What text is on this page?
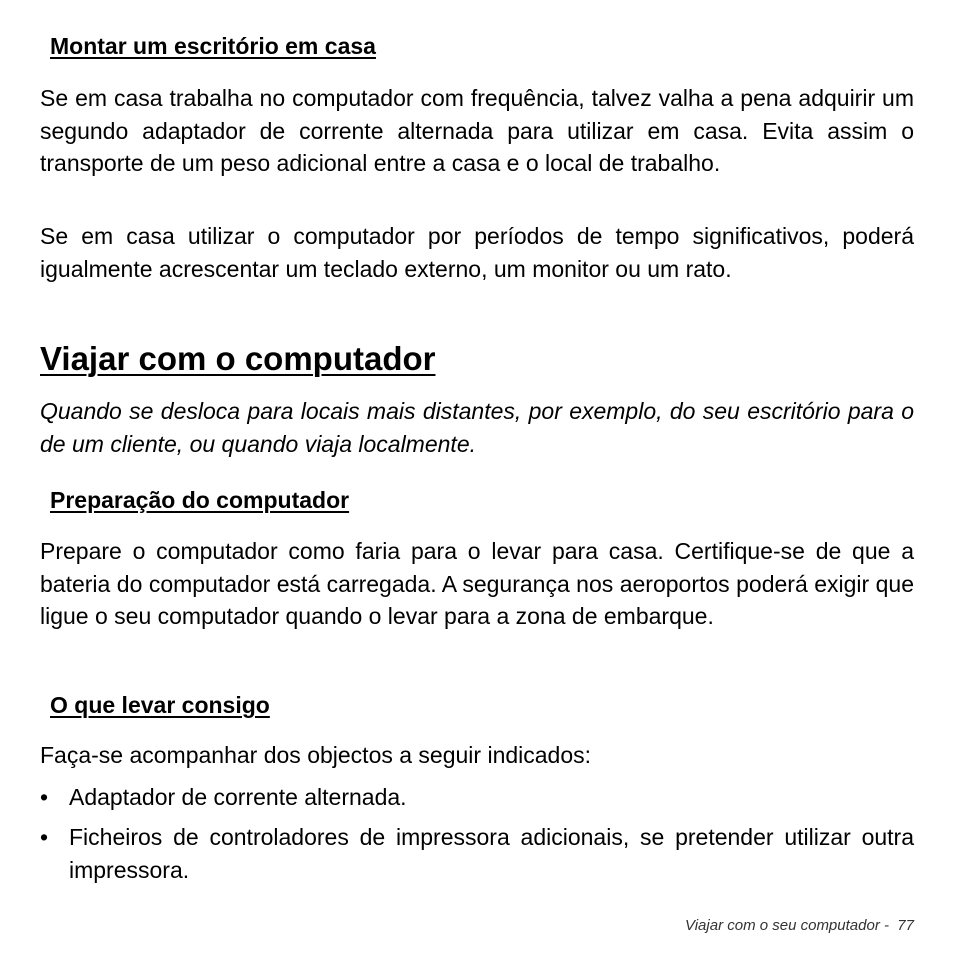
Montar um escritório em casa

Se em casa trabalha no computador com frequência, talvez valha a pena adquirir um segundo adaptador de corrente alternada para utilizar em casa. Evita assim o transporte de um peso adicional entre a casa e o local de trabalho.

Se em casa utilizar o computador por períodos de tempo significativos, poderá igualmente acrescentar um teclado externo, um monitor ou um rato.

Viajar com o computador

Quando se desloca para locais mais distantes, por exemplo, do seu escritório para o de um cliente, ou quando viaja localmente.

Preparação do computador

Prepare o computador como faria para o levar para casa. Certifique-se de que a bateria do computador está carregada. A segurança nos aeroportos poderá exigir que ligue o seu computador quando o levar para a zona de embarque.

O que levar consigo

Faça-se acompanhar dos objectos a seguir indicados:

• Adaptador de corrente alternada.
• Ficheiros de controladores de impressora adicionais, se pretender utilizar outra impressora.
Viajar com o seu computador -  77
